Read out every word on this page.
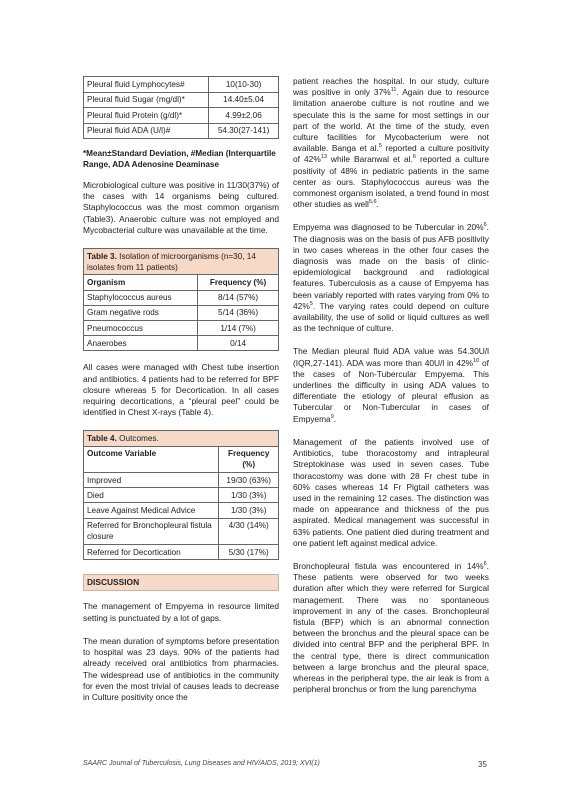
Pleural fluid Lymphocytes#	10(10-30)
Pleural fluid Sugar (mg/dl)*	14.40±5.04
Pleural fluid Protein (g/dl)*	4.99±2.06
Pleural fluid ADA (U/l)#	54.30(27-141)
*Mean±Standard Deviation, #Median (Interquartile Range, ADA Adenosine Deaminase

Microbiological culture was positive in 11/30(37%) of the cases with 14 organisms being cultured. Staphylococcus was the most common organism (Table3). Anaerobic culture was not employed and Mycobacterial culture was unavailable at the time.

Table 3. Isolation of microorganisms (n=30, 14 isolates from 11 patients)	
Organism	Frequency (%)
Staphylococcus aureus	8/14 (57%)
Gram negative rods	5/14 (36%)
Pneumococcus	1/14 (7%)
Anaerobes	0/14

All cases were managed with Chest tube insertion and antibiotics. 4 patients had to be referred for BPF closure whereas 5 for Decortication. In all cases requiring decortications, a “pleural peel” could be identified in Chest X-rays (Table 4).

Table 4. Outcomes.	
Outcome Variable	Frequency (%)
Improved	19/30 (63%)
Died	1/30 (3%)
Leave Against Medical Advice	1/30 (3%)
Referred for Bronchopleural fistula closure	4/30 (14%)
Referred for Decortication	5/30 (17%)
DISCUSSION

The management of Empyema in resource limited setting is punctuated by a lot of gaps.

The mean duration of symptoms before presentation to hospital was 23 days. 90% of the patients had already received oral antibiotics from pharmacies. The widespread use of antibiotics in the community for even the most trivial of causes leads to decrease in Culture positivity once the

patient reaches the hospital. In our study, culture was positive in only 37%$^{11}$. Again due to resource limitation anaerobe culture is not routine and we speculate this is the same for most settings in our part of the world. At the time of the study, even culture facilities for Mycobacterium were not available. Banga et al.$^5$ reported a culture positivity of 42%$^{13}$ while Baranwal et al.$^6$ reported a culture positivity of 48% in pediatric patients in the same center as ours. Staphylococcus aureus was the commonest organism isolated, a trend found in most other studies as well$^{5,6}$.

Empyema was diagnosed to be Tubercular in 20%$^6$. The diagnosis was on the basis of pus AFB positivity in two cases whereas in the other four cases the diagnosis was made on the basis of clinic-epidemiological background and radiological features. Tuberculosis as a cause of Empyema has been variably reported with rates varying from 0% to 42%$^5$. The varying rates could depend on culture availability, the use of solid or liquid cultures as well as the technique of culture.

The Median pleural fluid ADA value was 54.30U/l (IQR,27-141). ADA was more than 40U/l in 42%$^{10}$ of the cases of Non-Tubercular Empyema. This underlines the difficulty in using ADA values to differentiate the etiology of pleural effusion as Tubercular or Non-Tubercular in cases of Empyema$^9$.

Management of the patients involved use of Antibiotics, tube thoracostomy and intrapleural Streptokinase was used in seven cases. Tube thoracostomy was done with 28 Fr chest tube in 60% cases whereas 14 Fr Pigtail catheters was used in the remaining 12 cases. The distinction was made on appearance and thickness of the pus aspirated. Medical management was successful in 63% patients. One patient died during treatment and one patient left against medical advice.

Bronchopleural fistula was encountered in 14%$^6$. These patients were observed for two weeks duration after which they were referred for Surgical management. There was no spontaneous improvement in any of the cases. Bronchopleural fistula (BFP) which is an abnormal connection between the bronchus and the pleural space can be divided into central BFP and the peripheral BPF. In the central type, there is direct communication between a large bronchus and the pleural space, whereas in the peripheral type, the air leak is from a peripheral bronchus or from the lung parenchyma

SAARC Journal of Tuberculosis, Lung Diseases and HIV/AIDS, 2019; XVI(1)	35
